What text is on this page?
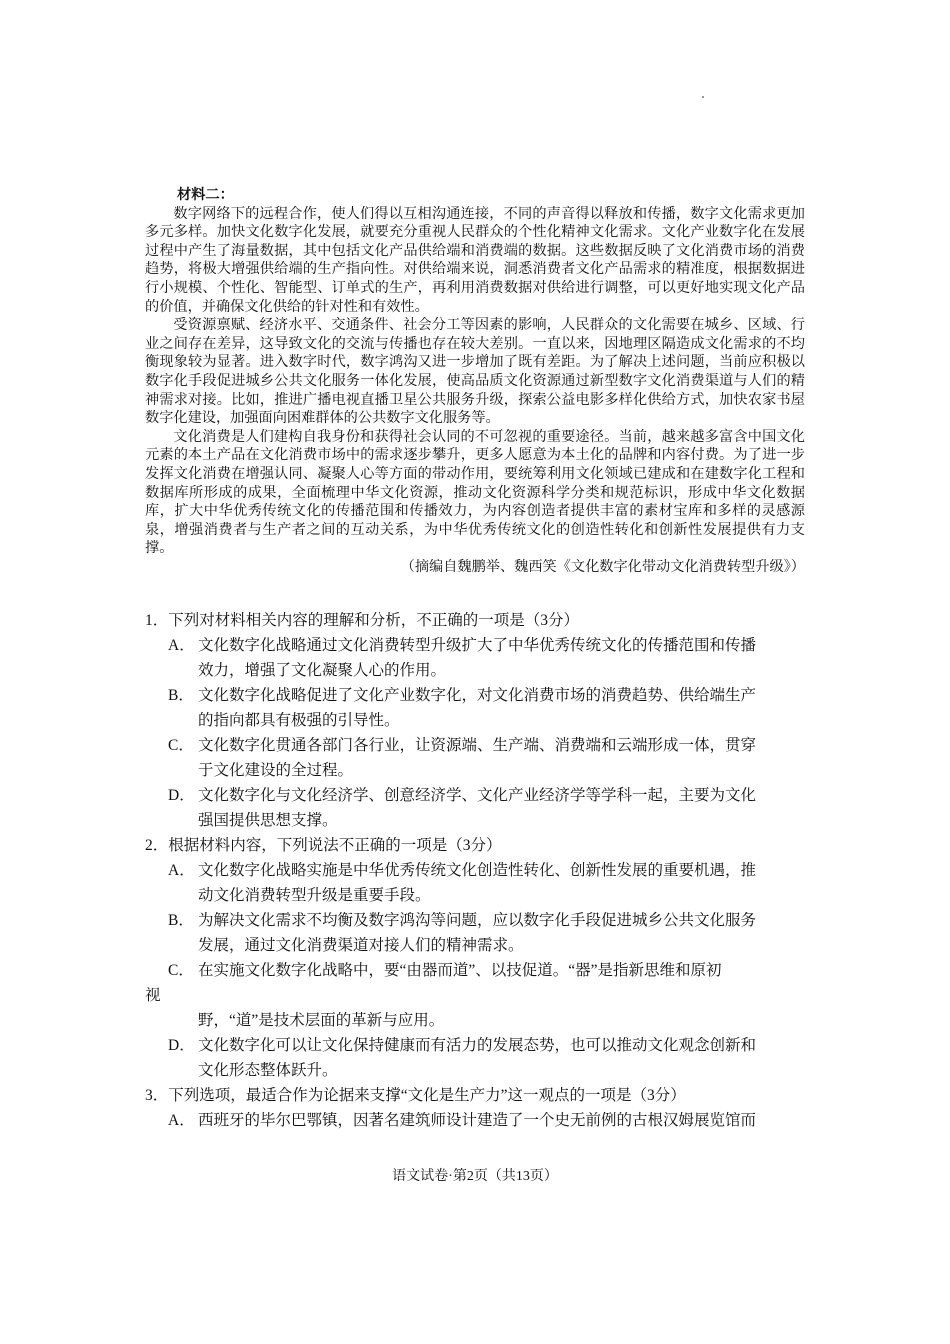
材料二：

数字网络下的远程合作，使人们得以互相沟通连接，不同的声音得以释放和传播，数字文化需求更加多元多样。加快文化数字化发展，就要充分重视人民群众的个性化精神文化需求。文化产业数字化在发展过程中产生了海量数据，其中包括文化产品供给端和消费端的数据。这些数据反映了文化消费市场的消费趋势，将极大增强供给端的生产指向性。对供给端来说，洞悉消费者文化产品需求的精准度，根据数据进行小规模、个性化、智能型、订单式的生产，再利用消费数据对供给进行调整，可以更好地实现文化产品的价值，并确保文化供给的针对性和有效性。

受资源禀赋、经济水平、交通条件、社会分工等因素的影响，人民群众的文化需要在城乡、区域、行业之间存在差异，这导致文化的交流与传播也存在较大差别。一直以来，因地理区隔造成文化需求的不均衡现象较为显著。进入数字时代，数字鸿沟又进一步增加了既有差距。为了解决上述问题，当前应积极以数字化手段促进城乡公共文化服务一体化发展，使高品质文化资源通过新型数字文化消费渠道与人们的精神需求对接。比如，推进广播电视直播卫星公共服务升级，探索公益电影多样化供给方式，加快农家书屋数字化建设，加强面向困难群体的公共数字文化服务等。

文化消费是人们建构自我身份和获得社会认同的不可忽视的重要途径。当前，越来越多富含中国文化元素的本土产品在文化消费市场中的需求逐步攀升，更多人愿意为本土化的品牌和内容付费。为了进一步发挥文化消费在增强认同、凝聚人心等方面的带动作用，要统筹利用文化领域已建成和在建数字化工程和数据库所形成的成果，全面梳理中华文化资源，推动文化资源科学分类和规范标识，形成中华文化数据库，扩大中华优秀传统文化的传播范围和传播效力，为内容创造者提供丰富的素材宝库和多样的灵感源泉，增强消费者与生产者之间的互动关系，为中华优秀传统文化的创造性转化和创新性发展提供有力支撑。

（摘编自魏鹏举、魏西笑《文化数字化带动文化消费转型升级》）

1．下列对材料相关内容的理解和分析，不正确的一项是（3分）

A． 文化数字化战略通过文化消费转型升级扩大了中华优秀传统文化的传播范围和传播
效力，增强了文化凝聚人心的作用。
B． 文化数字化战略促进了文化产业数字化，对文化消费市场的消费趋势、供给端生产
的指向都具有极强的引导性。
C． 文化数字化贯通各部门各行业，让资源端、生产端、消费端和云端形成一体，贯穿
于文化建设的全过程。
D． 文化数字化与文化经济学、创意经济学、文化产业经济学等学科一起，主要为文化
强国提供思想支撑。

2．根据材料内容，下列说法不正确的一项是（3分）

A． 文化数字化战略实施是中华优秀传统文化创造性转化、创新性发展的重要机遇，推
动文化消费转型升级是重要手段。
B． 为解决文化需求不均衡及数字鸿沟等问题，应以数字化手段促进城乡公共文化服务
发展，通过文化消费渠道对接人们的精神需求。
C． 在实施文化数字化战略中，要“由器而道”、以技促道。“器”是指新思维和原初
视
野，“道”是技术层面的革新与应用。
D． 文化数字化可以让文化保持健康而有活力的发展态势，也可以推动文化观念创新和
文化形态整体跃升。

3．下列选项，最适合作为论据来支撑“文化是生产力”这一观点的一项是（3分）

A． 西班牙的毕尔巴鄂镇，因著名建筑师设计建造了一个史无前例的古根汉姆展览馆而
语文试卷·第2页（共13页）
